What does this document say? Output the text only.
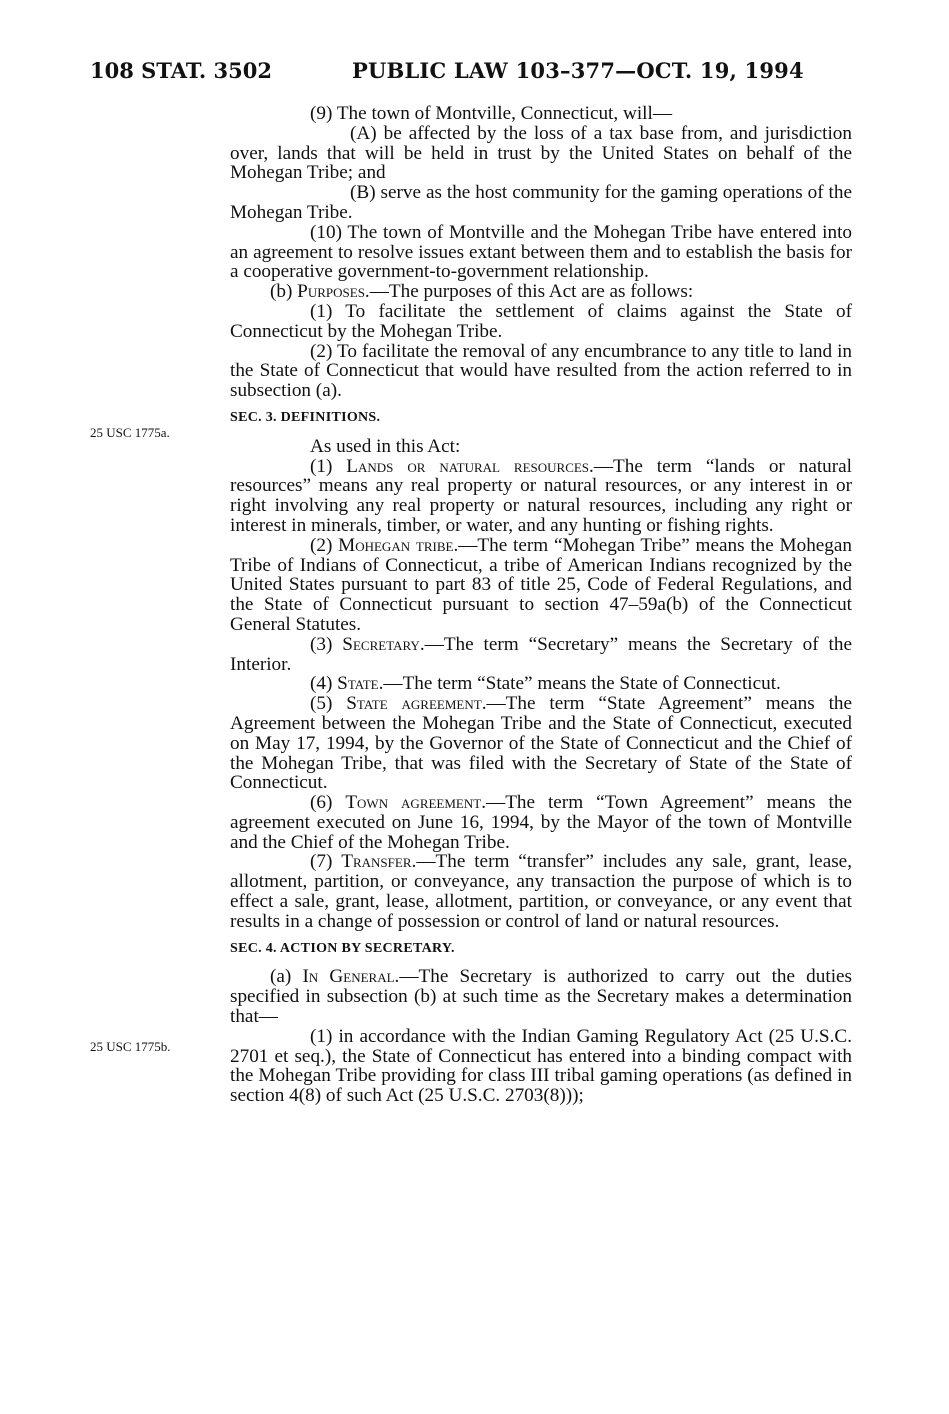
108 STAT. 3502	PUBLIC LAW 103–377—OCT. 19, 1994
25 USC 1775a.
25 USC 1775b.

(9) The town of Montville, Connecticut, will—

(A) be affected by the loss of a tax base from, and jurisdiction over, lands that will be held in trust by the United States on behalf of the Mohegan Tribe; and

(B) serve as the host community for the gaming operations of the Mohegan Tribe.

(10) The town of Montville and the Mohegan Tribe have entered into an agreement to resolve issues extant between them and to establish the basis for a cooperative government-to-government relationship.

(b) Purposes.—The purposes of this Act are as follows:

(1) To facilitate the settlement of claims against the State of Connecticut by the Mohegan Tribe.

(2) To facilitate the removal of any encumbrance to any title to land in the State of Connecticut that would have resulted from the action referred to in subsection (a).

SEC. 3. DEFINITIONS.

As used in this Act:

(1) Lands or natural resources.—The term “lands or natural resources” means any real property or natural resources, or any interest in or right involving any real property or natural resources, including any right or interest in minerals, timber, or water, and any hunting or fishing rights.

(2) Mohegan tribe.—The term “Mohegan Tribe” means the Mohegan Tribe of Indians of Connecticut, a tribe of American Indians recognized by the United States pursuant to part 83 of title 25, Code of Federal Regulations, and the State of Connecticut pursuant to section 47–59a(b) of the Connecticut General Statutes.

(3) Secretary.—The term “Secretary” means the Secretary of the Interior.

(4) State.—The term “State” means the State of Connecticut.

(5) State agreement.—The term “State Agreement” means the Agreement between the Mohegan Tribe and the State of Connecticut, executed on May 17, 1994, by the Governor of the State of Connecticut and the Chief of the Mohegan Tribe, that was filed with the Secretary of State of the State of Connecticut.

(6) Town agreement.—The term “Town Agreement” means the agreement executed on June 16, 1994, by the Mayor of the town of Montville and the Chief of the Mohegan Tribe.

(7) Transfer.—The term “transfer” includes any sale, grant, lease, allotment, partition, or conveyance, any transaction the purpose of which is to effect a sale, grant, lease, allotment, partition, or conveyance, or any event that results in a change of possession or control of land or natural resources.

SEC. 4. ACTION BY SECRETARY.

(a) In General.—The Secretary is authorized to carry out the duties specified in subsection (b) at such time as the Secretary makes a determination that—

(1) in accordance with the Indian Gaming Regulatory Act (25 U.S.C. 2701 et seq.), the State of Connecticut has entered into a binding compact with the Mohegan Tribe providing for class III tribal gaming operations (as defined in section 4(8) of such Act (25 U.S.C. 2703(8)));
